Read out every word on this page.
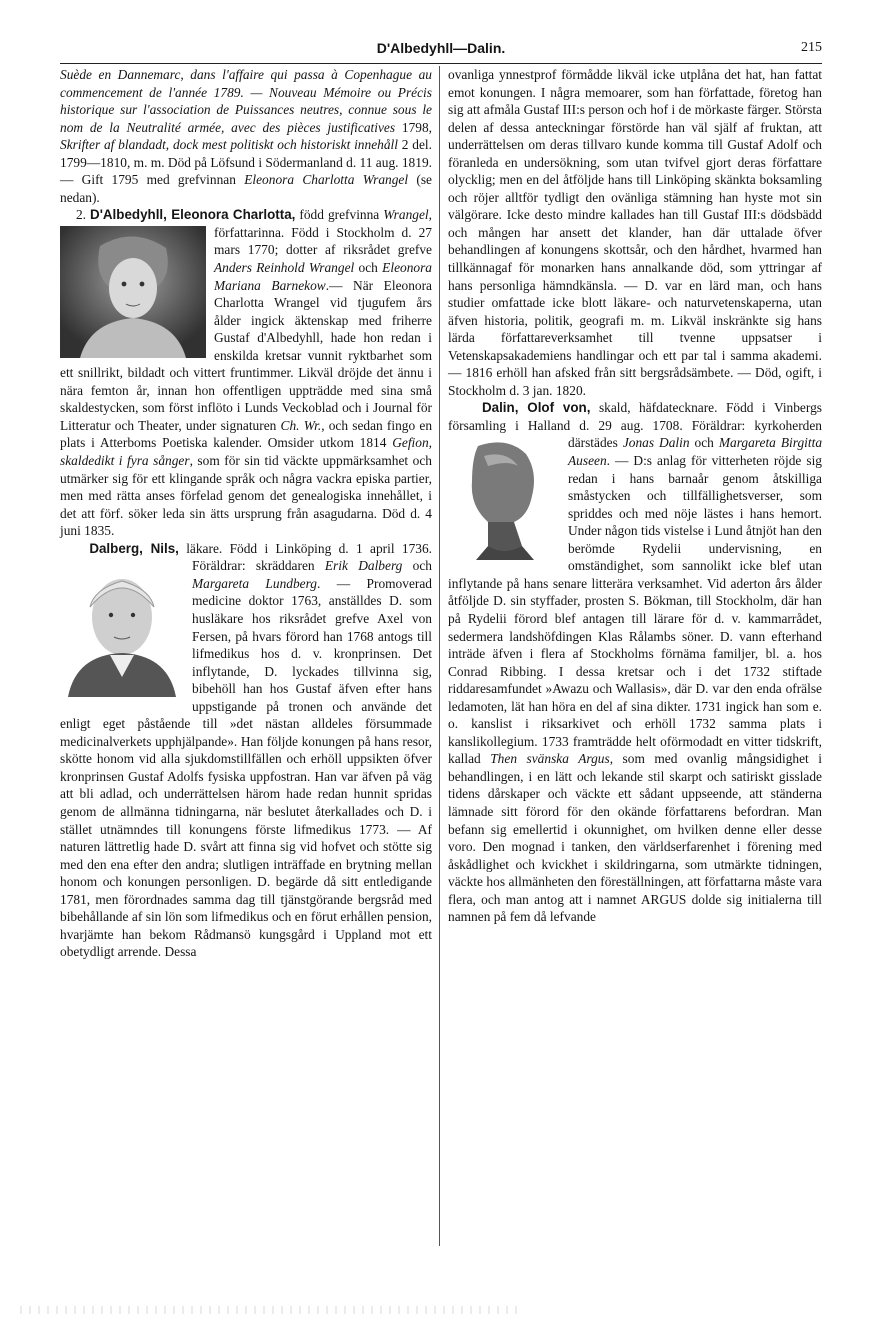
D'Albedyhll—Dalin.	215

Suède en Dannemarc, dans l'affaire qui passa à Copenhague au commencement de l'année 1789. — Nouveau Mémoire ou Précis historique sur l'association de Puissances neutres, connue sous le nom de la Neutralité armée, avec des pièces justificatives 1798, Skrifter af blandadt, dock mest politiskt och historiskt innehåll 2 del. 1799—1810, m. m. Död på Löfsund i Södermanland d. 11 aug. 1819. — Gift 1795 med grefvinnan Eleonora Charlotta Wrangel (se nedan).

2. D'Albedyhll, Eleonora Charlotta, född grefvinna
Wrangel, författarinna. Född i Stockholm d. 27 mars 1770; dotter af riksrådet grefve Anders Reinhold Wrangel och Eleonora Mariana Barnekow.— När Eleonora Charlotta Wrangel vid tjugufem års ålder ingick äktenskap med friherre Gustaf d'Albedyhll, hade hon redan i enskilda kretsar vunnit ryktbarhet som ett snillrikt, bildadt och vittert fruntimmer. Likväl dröjde det ännu i nära femton år, innan hon offentligen uppträdde med sina små skaldestycken, som först inflöto i Lunds Veckoblad och i Journal för Litteratur och Theater, under signaturen Ch. Wr., och sedan fingo en plats i Atterboms Poetiska kalender. Omsider utkom 1814 Gefion, skaldedikt i fyra sånger, som för sin tid väckte uppmärksamhet och utmärker sig för ett klingande språk och några vackra episka partier, men med rätta anses förfelad genom det genealogiska innehållet, i det att förf. söker leda sin ätts ursprung från asagudarna. Död d. 4 juni 1835.

Dalberg, Nils, läkare. Född i Linköping d. 1 april 1736. Föräldrar: skräddaren
Erik Dalberg och Margareta Lundberg. — Promoverad medicine doktor 1763, anställdes D. som husläkare hos riksrådet grefve Axel von Fersen, på hvars förord han 1768 antogs till lifmedikus hos d. v. kronprinsen. Det inflytande, D. lyckades tillvinna sig, bibehöll han hos Gustaf äfven efter hans uppstigande på tronen och använde det enligt eget påstående till »det nästan alldeles försummade medicinalverkets upphjälpande». Han följde konungen på hans resor, skötte honom vid alla sjukdomstillfällen och erhöll uppsikten öfver kronprinsen Gustaf Adolfs fysiska uppfostran. Han var äfven på väg att bli adlad, och underrättelsen härom hade redan hunnit spridas genom de allmänna tidningarna, när beslutet återkallades och D. i stället utnämndes till konungens förste lifmedikus 1773. — Af naturen lättretlig hade D. svårt att finna sig vid hofvet och stötte sig med den ena efter den andra; slutligen inträffade en brytning mellan honom och konungen personligen. D. begärde då sitt entledigande 1781, men förordnades samma dag till tjänstgörande bergsråd med bibehållande af sin lön som lifmedikus och en förut erhållen pension, hvarjämte han bekom Rådmansö kungsgård i Uppland mot ett obetydligt arrende. Dessa

ovanliga ynnestprof förmådde likväl icke utplåna det hat, han fattat emot konungen. I några memoarer, som han författade, företog han sig att afmåla Gustaf III:s person och hof i de mörkaste färger. Största delen af dessa anteckningar förstörde han väl själf af fruktan, att underrättelsen om deras tillvaro kunde komma till Gustaf Adolf och föranleda en undersökning, som utan tvifvel gjort deras författare olycklig; men en del åtföljde hans till Linköping skänkta boksamling och röjer alltför tydligt den ovänliga stämning han hyste mot sin välgörare. Icke desto mindre kallades han till Gustaf III:s dödsbädd och mången har ansett det klander, han där uttalade öfver behandlingen af konungens skottsår, och den hårdhet, hvarmed han tillkännagaf för monarken hans annalkande död, som yttringar af hans personliga hämndkänsla. — D. var en lärd man, och hans studier omfattade icke blott läkare- och naturvetenskaperna, utan äfven historia, politik, geografi m. m. Likväl inskränkte sig hans lärda författareverksamhet till tvenne uppsatser i Vetenskapsakademiens handlingar och ett par tal i samma akademi. — 1816 erhöll han afsked från sitt bergsrådsämbete. — Död, ogift, i Stockholm d. 3 jan. 1820.

Dalin, Olof von, skald, häfdatecknare. Född i Vinbergs församling i Halland d. 29 aug. 1708. Föräldrar: kyrkoherden därstädes
Jonas Dalin och Margareta Birgitta Auseen. — D:s anlag för vitterheten röjde sig redan i hans barnaår genom åtskilliga småstycken och tillfällighetsverser, som spriddes och med nöje lästes i hans hemort. Under någon tids vistelse i Lund åtnjöt han den berömde Rydelii undervisning, en omständighet, som sannolikt icke blef utan inflytande på hans senare litterära verksamhet. Vid aderton års ålder åtföljde D. sin styffader, prosten S. Bökman, till Stockholm, där han på Rydelii förord blef antagen till lärare för d. v. kammarrådet, sedermera landshöfdingen Klas Rålambs söner. D. vann efterhand inträde äfven i flera af Stockholms förnäma familjer, bl. a. hos Conrad Ribbing. I dessa kretsar och i det 1732 stiftade riddaresamfundet »Awazu och Wallasis», där D. var den enda ofrälse ledamoten, lät han höra en del af sina dikter. 1731 ingick han som e. o. kanslist i riksarkivet och erhöll 1732 samma plats i kanslikollegium. 1733 framträdde helt oförmodadt en vitter tidskrift, kallad Then svänska Argus, som med ovanlig mångsidighet i behandlingen, i en lätt och lekande stil skarpt och satiriskt gisslade tidens dårskaper och väckte ett sådant uppseende, att ständerna lämnade sitt förord för den okände författarens befordran. Man befann sig emellertid i okunnighet, om hvilken denne eller desse voro. Den mognad i tanken, den världserfarenhet i förening med åskådlighet och kvickhet i skildringarna, som utmärkte tidningen, väckte hos allmänheten den föreställningen, att författarna måste vara flera, och man antog att i namnet ARGUS dolde sig initialerna till namnen på fem då lefvande
